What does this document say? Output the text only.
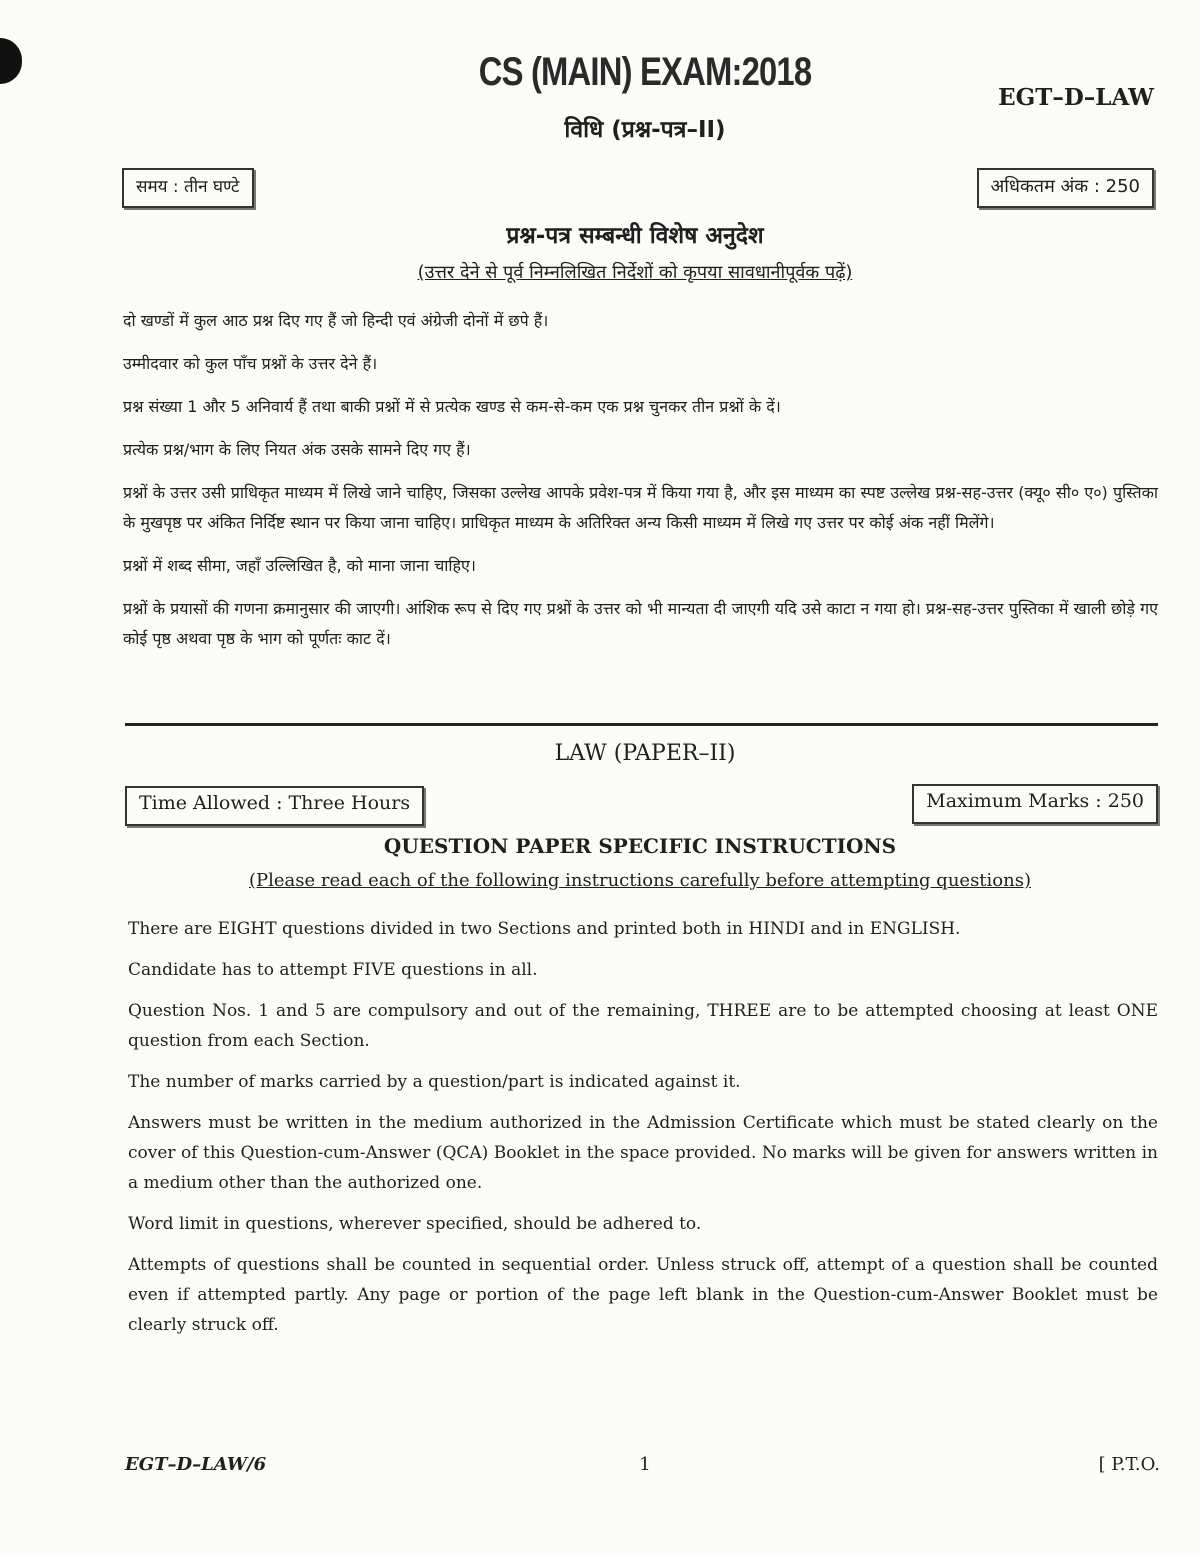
CS (MAIN) EXAM:2018
EGT–D–LAW
विधि (प्रश्न-पत्र–II)
समय : तीन घण्टे	अधिकतम अंक : 250
प्रश्न-पत्र सम्बन्धी विशेष अनुदेश
(उत्तर देने से पूर्व निम्नलिखित निर्देशों को कृपया सावधानीपूर्वक पढ़ें)

दो खण्डों में कुल आठ प्रश्न दिए गए हैं जो हिन्दी एवं अंग्रेजी दोनों में छपे हैं।

उम्मीदवार को कुल पाँच प्रश्नों के उत्तर देने हैं।

प्रश्न संख्या 1 और 5 अनिवार्य हैं तथा बाकी प्रश्नों में से प्रत्येक खण्ड से कम-से-कम एक प्रश्न चुनकर तीन प्रश्नों के दें।

प्रत्येक प्रश्न/भाग के लिए नियत अंक उसके सामने दिए गए हैं।

प्रश्नों के उत्तर उसी प्राधिकृत माध्यम में लिखे जाने चाहिए, जिसका उल्लेख आपके प्रवेश-पत्र में किया गया है, और इस माध्यम का स्पष्ट उल्लेख प्रश्न-सह-उत्तर (क्यू० सी० ए०) पुस्तिका के मुखपृष्ठ पर अंकित निर्दिष्ट स्थान पर किया जाना चाहिए। प्राधिकृत माध्यम के अतिरिक्त अन्य किसी माध्यम में लिखे गए उत्तर पर कोई अंक नहीं मिलेंगे।

प्रश्नों में शब्द सीमा, जहाँ उल्लिखित है, को माना जाना चाहिए।

प्रश्नों के प्रयासों की गणना क्रमानुसार की जाएगी। आंशिक रूप से दिए गए प्रश्नों के उत्तर को भी मान्यता दी जाएगी यदि उसे काटा न गया हो। प्रश्न-सह-उत्तर पुस्तिका में खाली छोड़े गए कोई पृष्ठ अथवा पृष्ठ के भाग को पूर्णतः काट दें।

LAW (PAPER–II)
Time Allowed : Three Hours	Maximum Marks : 250
QUESTION PAPER SPECIFIC INSTRUCTIONS
(Please read each of the following instructions carefully before attempting questions)

There are EIGHT questions divided in two Sections and printed both in HINDI and in ENGLISH.

Candidate has to attempt FIVE questions in all.

Question Nos. 1 and 5 are compulsory and out of the remaining, THREE are to be attempted choosing at least ONE question from each Section.

The number of marks carried by a question/part is indicated against it.

Answers must be written in the medium authorized in the Admission Certificate which must be stated clearly on the cover of this Question-cum-Answer (QCA) Booklet in the space provided. No marks will be given for answers written in a medium other than the authorized one.

Word limit in questions, wherever specified, should be adhered to.

Attempts of questions shall be counted in sequential order. Unless struck off, attempt of a question shall be counted even if attempted partly. Any page or portion of the page left blank in the Question-cum-Answer Booklet must be clearly struck off.

EGT–D–LAW/6	1	[ P.T.O.
